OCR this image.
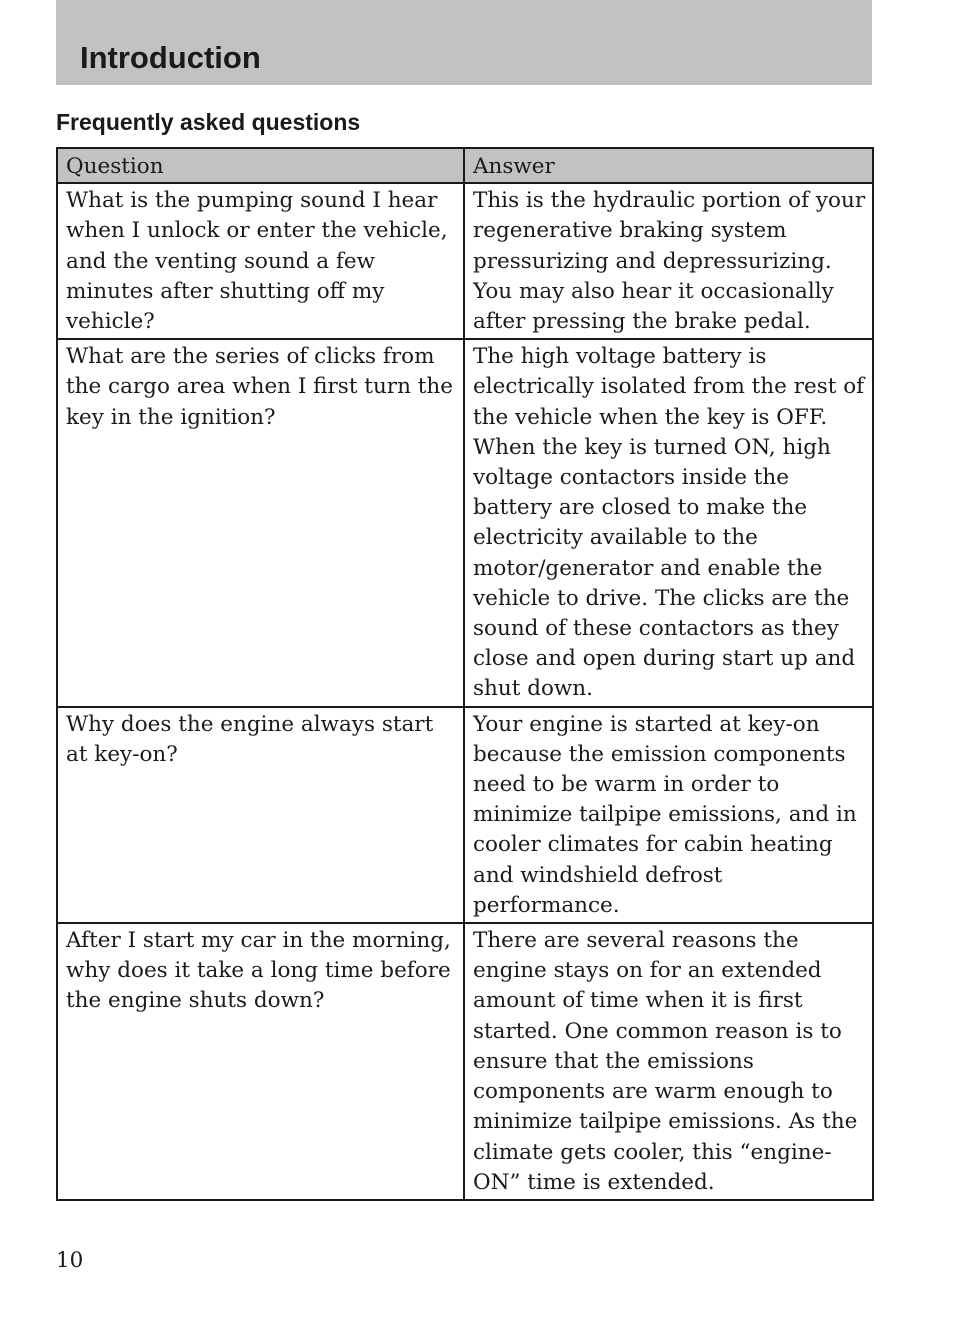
Introduction
Frequently asked questions
Question	Answer
What is the pumping sound I hear when I unlock or enter the vehicle, and the venting sound a few minutes after shutting off my vehicle?	This is the hydraulic portion of your regenerative braking system pressurizing and depressurizing. You may also hear it occasionally after pressing the brake pedal.
What are the series of clicks from the cargo area when I first turn the key in the ignition?	The high voltage battery is electrically isolated from the rest of the vehicle when the key is OFF. When the key is turned ON, high voltage contactors inside the battery are closed to make the electricity available to the motor/generator and enable the vehicle to drive. The clicks are the sound of these contactors as they close and open during start up and shut down.
Why does the engine always start at key-on?	Your engine is started at key-on because the emission components need to be warm in order to minimize tailpipe emissions, and in cooler climates for cabin heating and windshield defrost performance.
After I start my car in the morning, why does it take a long time before the engine shuts down?	There are several reasons the engine stays on for an extended amount of time when it is first started. One common reason is to ensure that the emissions components are warm enough to minimize tailpipe emissions. As the climate gets cooler, this “engine-ON” time is extended.

10
